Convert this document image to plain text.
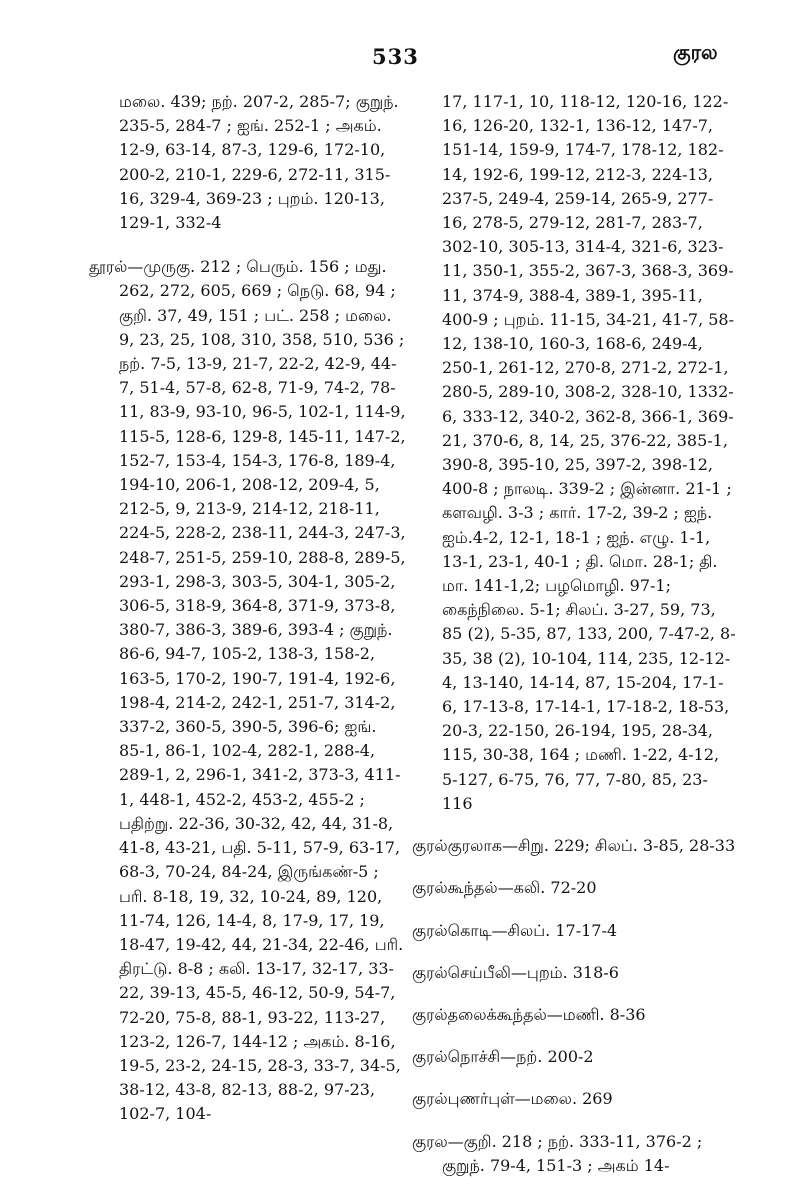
533	குரல

மலை. 439; நற். 207-2, 285-7; குறுந். 235-5, 284-7 ; ஐங். 252-1 ; அகம். 12-9, 63-14, 87-3, 129-6, 172-10, 200-2, 210-1, 229-6, 272-11, 315-16, 329-4, 369-23 ; புறம். 120-13, 129-1, 332-4

தூரல்—முருகு. 212 ; பெரும். 156 ; மது. 262, 272, 605, 669 ; நெடு. 68, 94 ; குறி. 37, 49, 151 ; பட். 258 ; மலை. 9, 23, 25, 108, 310, 358, 510, 536 ; நற். 7-5, 13-9, 21-7, 22-2, 42-9, 44-7, 51-4, 57-8, 62-8, 71-9, 74-2, 78-11, 83-9, 93-10, 96-5, 102-1, 114-9, 115-5, 128-6, 129-8, 145-11, 147-2, 152-7, 153-4, 154-3, 176-8, 189-4, 194-10, 206-1, 208-12, 209-4, 5, 212-5, 9, 213-9, 214-12, 218-11, 224-5, 228-2, 238-11, 244-3, 247-3, 248-7, 251-5, 259-10, 288-8, 289-5, 293-1, 298-3, 303-5, 304-1, 305-2, 306-5, 318-9, 364-8, 371-9, 373-8, 380-7, 386-3, 389-6, 393-4 ; குறுந். 86-6, 94-7, 105-2, 138-3, 158-2, 163-5, 170-2, 190-7, 191-4, 192-6, 198-4, 214-2, 242-1, 251-7, 314-2, 337-2, 360-5, 390-5, 396-6; ஐங். 85-1, 86-1, 102-4, 282-1, 288-4, 289-1, 2, 296-1, 341-2, 373-3, 411-1, 448-1, 452-2, 453-2, 455-2 ; பதிற்று. 22-36, 30-32, 42, 44, 31-8, 41-8, 43-21, பதி. 5-11, 57-9, 63-17, 68-3, 70-24, 84-24, இருங்கண்-5 ; பரி. 8-18, 19, 32, 10-24, 89, 120, 11-74, 126, 14-4, 8, 17-9, 17, 19, 18-47, 19-42, 44, 21-34, 22-46, பரி. திரட்டு. 8-8 ; கலி. 13-17, 32-17, 33-22, 39-13, 45-5, 46-12, 50-9, 54-7, 72-20, 75-8, 88-1, 93-22, 113-27, 123-2, 126-7, 144-12 ; அகம். 8-16, 19-5, 23-2, 24-15, 28-3, 33-7, 34-5, 38-12, 43-8, 82-13, 88-2, 97-23, 102-7, 104-

17, 117-1, 10, 118-12, 120-16, 122-16, 126-20, 132-1, 136-12, 147-7, 151-14, 159-9, 174-7, 178-12, 182-14, 192-6, 199-12, 212-3, 224-13, 237-5, 249-4, 259-14, 265-9, 277-16, 278-5, 279-12, 281-7, 283-7, 302-10, 305-13, 314-4, 321-6, 323-11, 350-1, 355-2, 367-3, 368-3, 369-11, 374-9, 388-4, 389-1, 395-11, 400-9 ; புறம். 11-15, 34-21, 41-7, 58-12, 138-10, 160-3, 168-6, 249-4, 250-1, 261-12, 270-8, 271-2, 272-1, 280-5, 289-10, 308-2, 328-10, 1332-6, 333-12, 340-2, 362-8, 366-1, 369-21, 370-6, 8, 14, 25, 376-22, 385-1, 390-8, 395-10, 25, 397-2, 398-12, 400-8 ; நாலடி. 339-2 ; இன்னா. 21-1 ; களவழி. 3-3 ; கார். 17-2, 39-2 ; ஐந். ஐம்.4-2, 12-1, 18-1 ; ஐந். எழு. 1-1, 13-1, 23-1, 40-1 ; தி. மொ. 28-1; தி. மா. 141-1,2; பழமொழி. 97-1; கைந்நிலை. 5-1; சிலப். 3-27, 59, 73, 85 (2), 5-35, 87, 133, 200, 7-47-2, 8-35, 38 (2), 10-104, 114, 235, 12-12-4, 13-140, 14-14, 87, 15-204, 17-1-6, 17-13-8, 17-14-1, 17-18-2, 18-53, 20-3, 22-150, 26-194, 195, 28-34, 115, 30-38, 164 ; மணி. 1-22, 4-12, 5-127, 6-75, 76, 77, 7-80, 85, 23-116

குரல்குரலாக—சிறு. 229; சிலப். 3-85, 28-33

குரல்கூந்தல்—கலி. 72-20

குரல்கொடி—சிலப். 17-17-4

குரல்செய்பீலி—புறம். 318-6

குரல்தலைக்கூந்தல்—மணி. 8-36

குரல்நொச்சி—நற். 200-2

குரல்புணர்புள்—மலை. 269

குரல—குறி. 218 ; நற். 333-11, 376-2 ; குறுந். 79-4, 151-3 ; அகம் 14-
